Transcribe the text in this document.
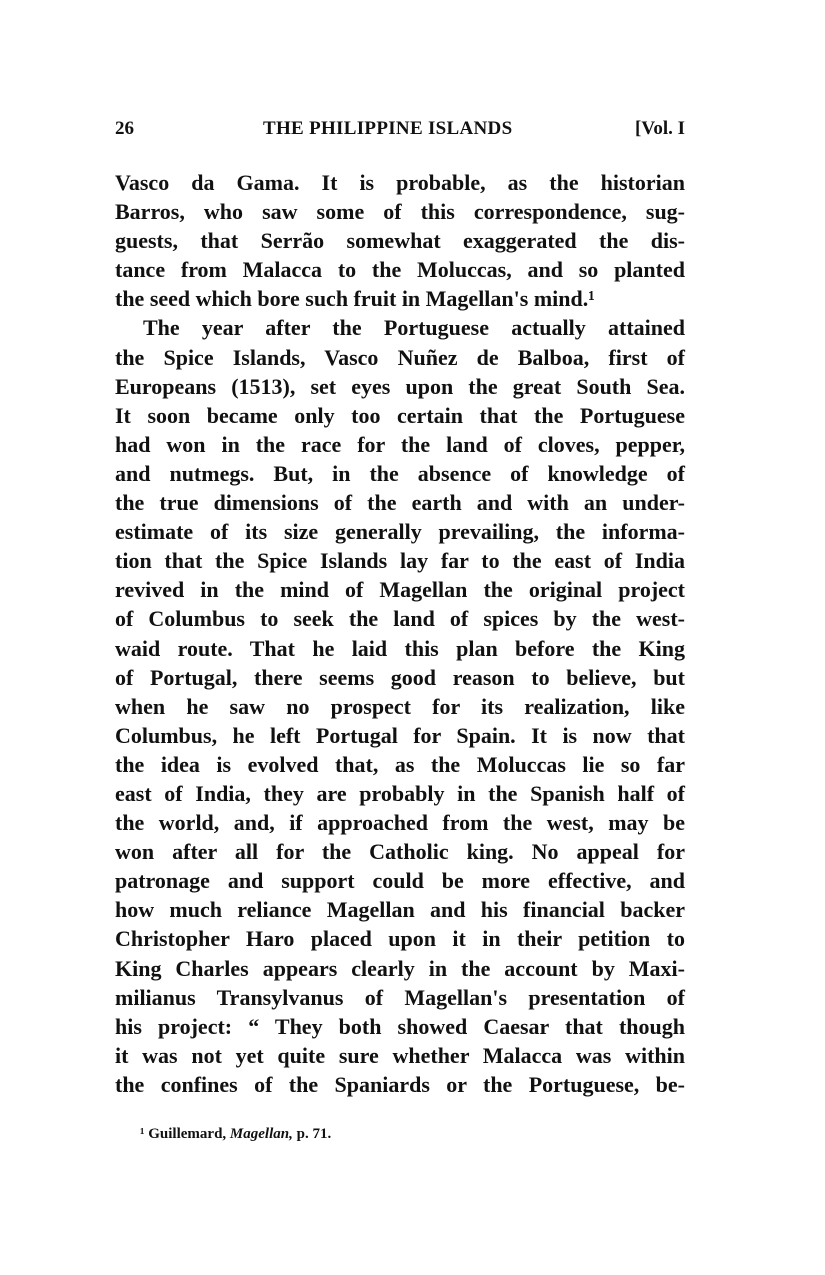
26	THE PHILIPPINE ISLANDS	[Vol. I
Vasco da Gama. It is probable, as the historian
Barros, who saw some of this correspondence, sug-
guests, that Serrão somewhat exaggerated the dis-
tance from Malacca to the Moluccas, and so planted
the seed which bore such fruit in Magellan's mind.¹
The year after the Portuguese actually attained
the Spice Islands, Vasco Nuñez de Balboa, first of
Europeans (1513), set eyes upon the great South Sea.
It soon became only too certain that the Portuguese
had won in the race for the land of cloves, pepper,
and nutmegs. But, in the absence of knowledge of
the true dimensions of the earth and with an under-
estimate of its size generally prevailing, the informa-
tion that the Spice Islands lay far to the east of India
revived in the mind of Magellan the original project
of Columbus to seek the land of spices by the west-
waid route. That he laid this plan before the King
of Portugal, there seems good reason to believe, but
when he saw no prospect for its realization, like
Columbus, he left Portugal for Spain. It is now that
the idea is evolved that, as the Moluccas lie so far
east of India, they are probably in the Spanish half of
the world, and, if approached from the west, may be
won after all for the Catholic king. No appeal for
patronage and support could be more effective, and
how much reliance Magellan and his financial backer
Christopher Haro placed upon it in their petition to
King Charles appears clearly in the account by Maxi-
milianus Transylvanus of Magellan's presentation of
his project: “ They both showed Caesar that though
it was not yet quite sure whether Malacca was within
the confines of the Spaniards or the Portuguese, be-
¹ Guillemard, Magellan, p. 71.
